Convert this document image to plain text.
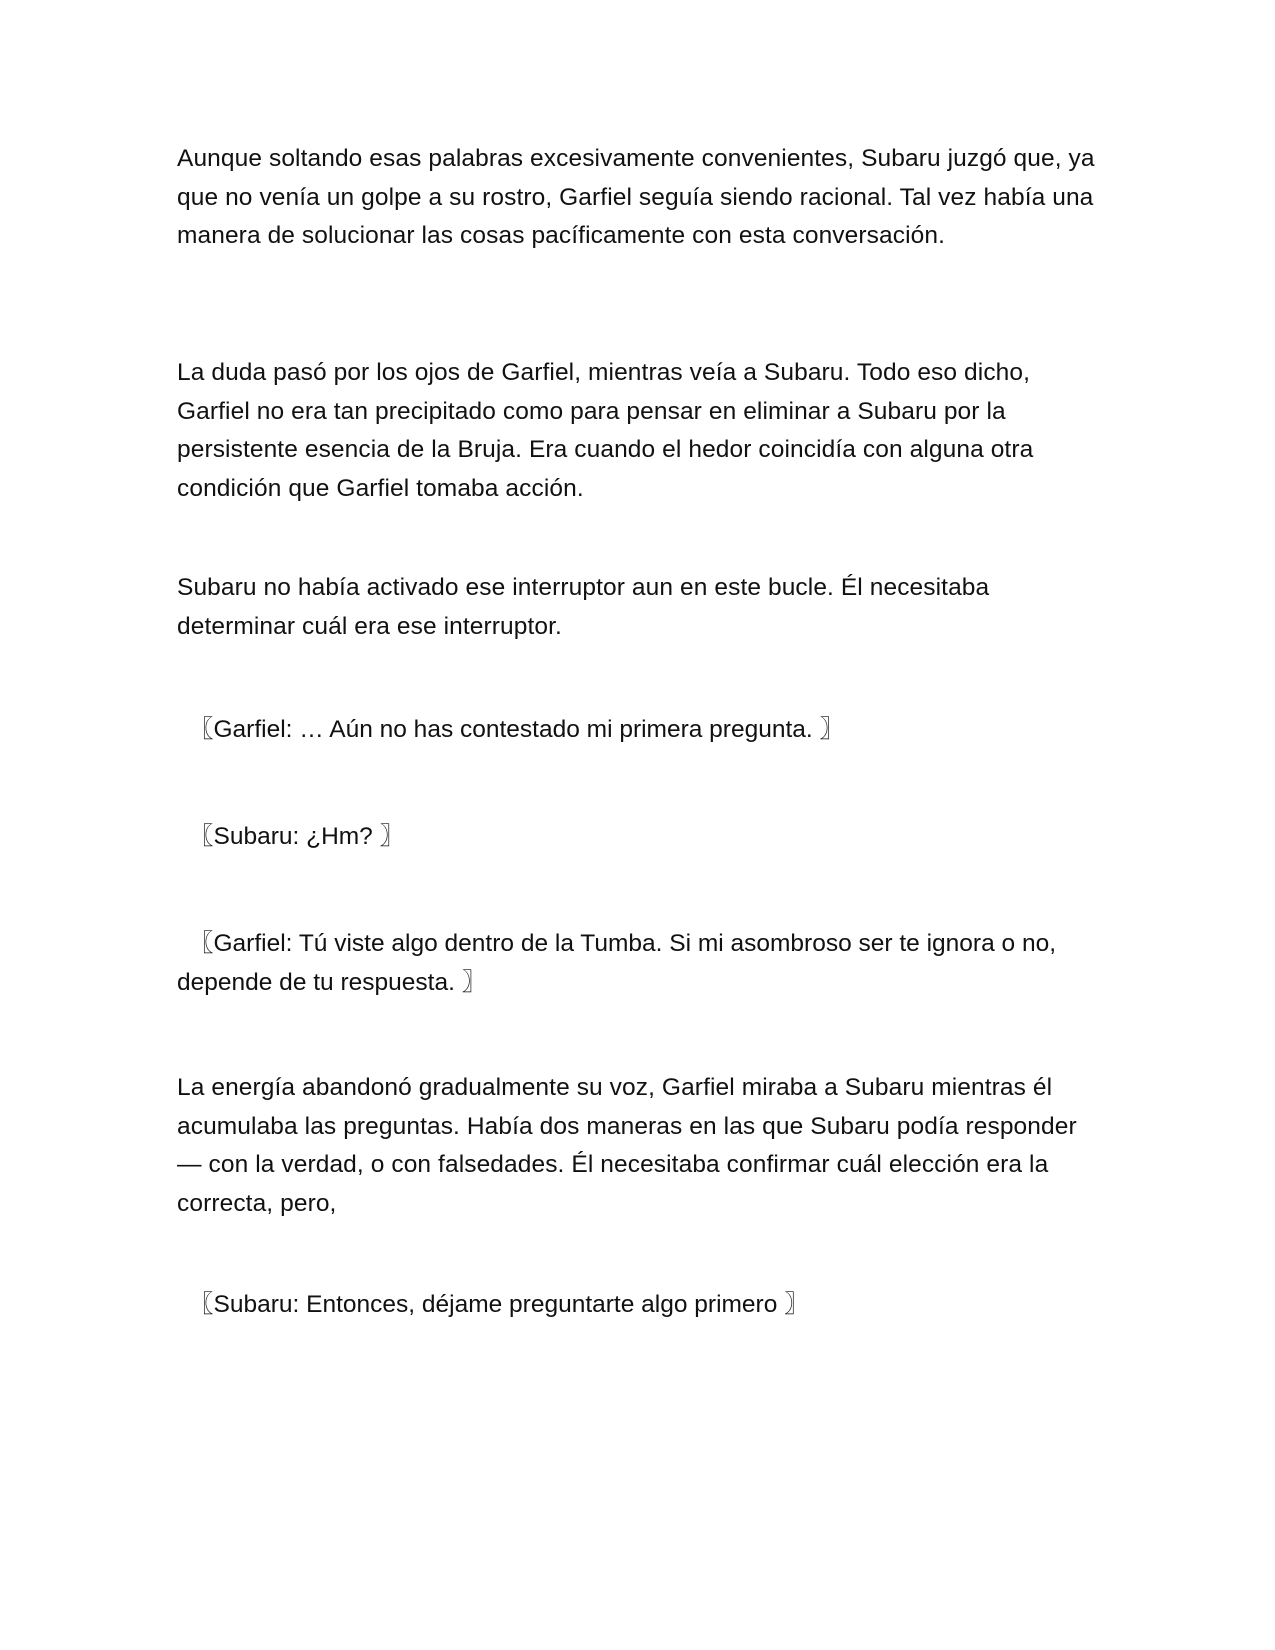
Aunque soltando esas palabras excesivamente convenientes, Subaru juzgó que, ya que no venía un golpe a su rostro, Garfiel seguía siendo racional. Tal vez había una manera de solucionar las cosas pacíficamente con esta conversación.

La duda pasó por los ojos de Garfiel, mientras veía a Subaru. Todo eso dicho, Garfiel no era tan precipitado como para pensar en eliminar a Subaru por la persistente esencia de la Bruja. Era cuando el hedor coincidía con alguna otra condición que Garfiel tomaba acción.

Subaru no había activado ese interruptor aun en este bucle. Él necesitaba determinar cuál era ese interruptor.

〖Garfiel: … Aún no has contestado mi primera pregunta. 〗

〖Subaru: ¿Hm? 〗

〖Garfiel: Tú viste algo dentro de la Tumba. Si mi asombroso ser te ignora o no, depende de tu respuesta. 〗

La energía abandonó gradualmente su voz, Garfiel miraba a Subaru mientras él acumulaba las preguntas. Había dos maneras en las que Subaru podía responder — con la verdad, o con falsedades. Él necesitaba confirmar cuál elección era la correcta, pero,

〖Subaru: Entonces, déjame preguntarte algo primero 〗
